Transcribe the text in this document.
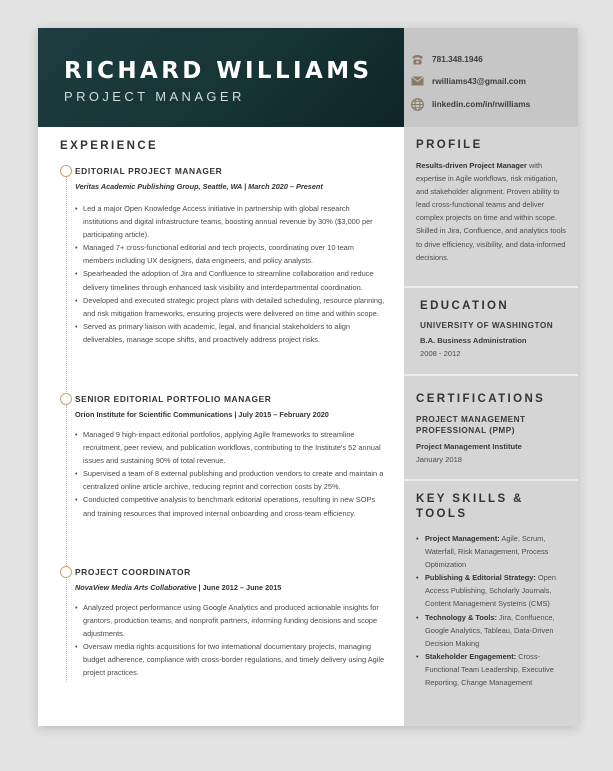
RICHARD WILLIAMS
PROJECT MANAGER
EXPERIENCE
EDITORIAL PROJECT MANAGER
Veritas Academic Publishing Group, Seattle, WA | March 2020 – Present
• Led a major Open Knowledge Access initiative in partnership with global research institutions and digital infrastructure teams, boosting annual revenue by 30% ($3,000 per participating article).
• Managed 7+ cross-functional editorial and tech projects, coordinating over 10 team members including UX designers, data engineers, and policy analysts.
• Spearheaded the adoption of Jira and Confluence to streamline collaboration and reduce delivery timelines through enhanced task visibility and interdepartmental coordination.
• Developed and executed strategic project plans with detailed scheduling, resource planning, and risk mitigation frameworks, ensuring projects were delivered on time and within scope.
• Served as primary liaison with academic, legal, and financial stakeholders to align deliverables, manage scope shifts, and proactively address project risks.
SENIOR EDITORIAL PORTFOLIO MANAGER
Orion Institute for Scientific Communications | July 2015 – February 2020
• Managed 9 high-impact editorial portfolios, applying Agile frameworks to streamline recruitment, peer review, and publication workflows, contributing to the Institute's 52 annual issues and sustaining 90% of total revenue.
• Supervised a team of 8 external publishing and production vendors to create and maintain a centralized online article archive, reducing reprint and correction costs by 25%.
• Conducted competitive analysis to benchmark editorial operations, resulting in new SOPs and training resources that improved internal onboarding and cross-team efficiency.
PROJECT COORDINATOR
NovaView Media Arts Collaborative | June 2012 – June 2015
• Analyzed project performance using Google Analytics and produced actionable insights for grantors, production teams, and nonprofit partners, informing funding decisions and scope adjustments.
• Oversaw media rights acquisitions for two international documentary projects, managing budget adherence, compliance with cross-border regulations, and timely delivery using Agile project practices.
781.348.1946
rwilliams43@gmail.com
linkedin.com/in/rwilliams
PROFILE
Results-driven Project Manager with expertise in Agile workflows, risk mitigation, and stakeholder alignment. Proven ability to lead cross-functional teams and deliver complex projects on time and within scope. Skilled in Jira, Confluence, and analytics tools to drive efficiency, visibility, and data-informed decisions.
EDUCATION
UNIVERSITY OF WASHINGTON
B.A. Business Administration
2008 - 2012
CERTIFICATIONS
PROJECT MANAGEMENT PROFESSIONAL (PMP)
Project Management Institute
January 2018
KEY SKILLS & TOOLS
• Project Management: Agile, Scrum, Waterfall, Risk Management, Process Optimization
• Publishing & Editorial Strategy: Open Access Publishing, Scholarly Journals, Content Management Systems (CMS)
• Technology & Tools: Jira, Confluence, Google Analytics, Tableau, Data-Driven Decision Making
• Stakeholder Engagement: Cross-Functional Team Leadership, Executive Reporting, Change Management
